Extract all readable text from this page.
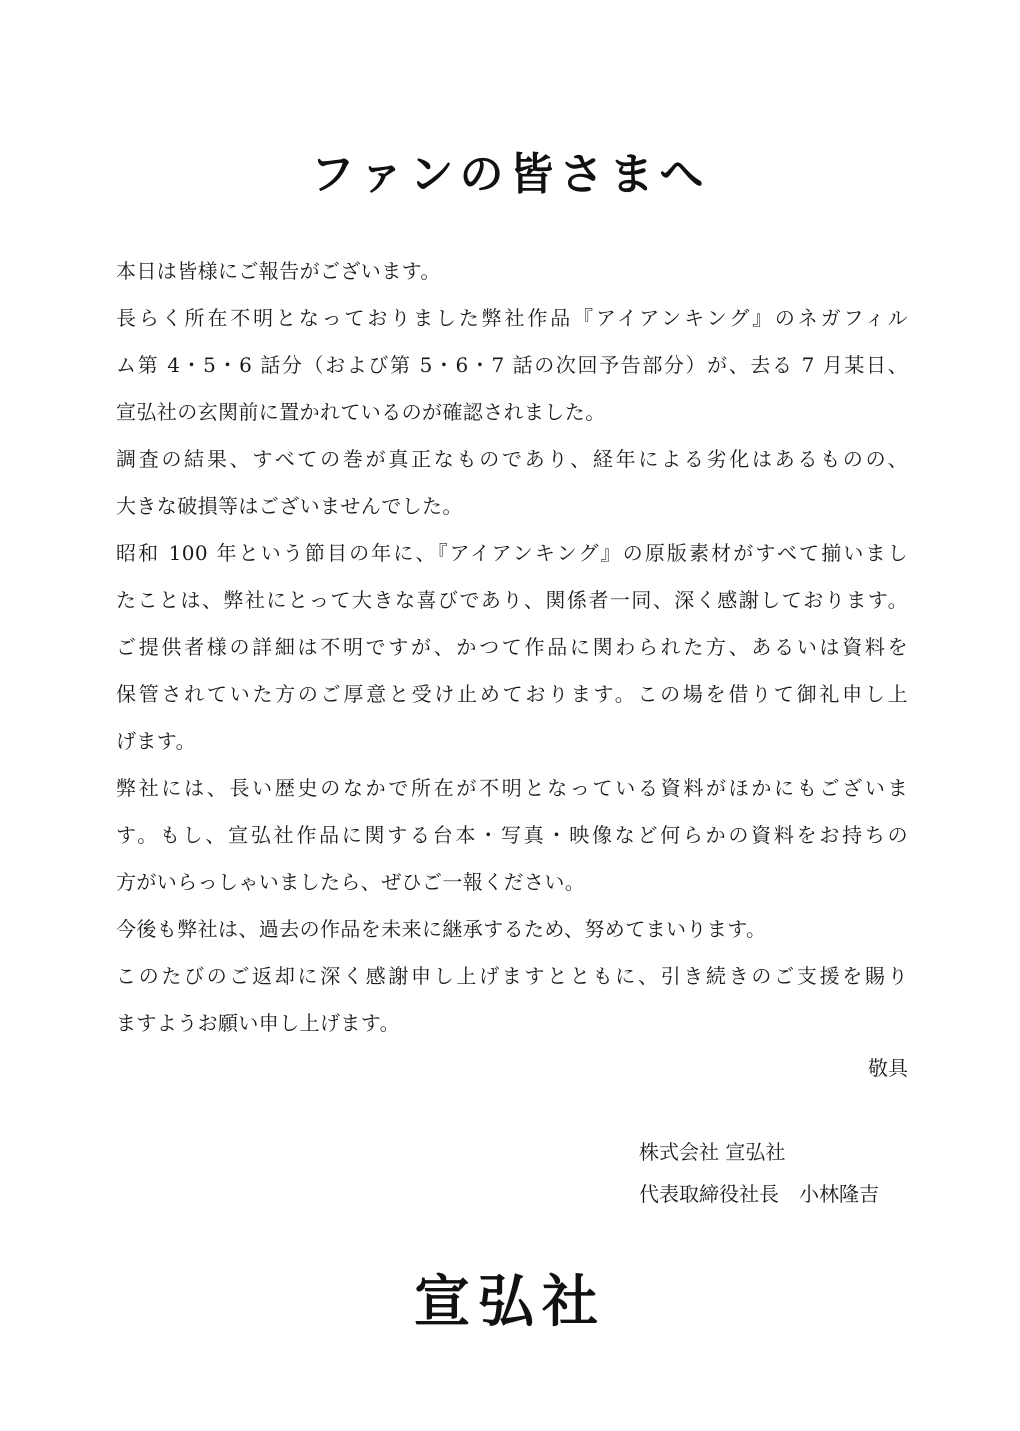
ファンの皆さまへ
本日は皆様にご報告がございます。
長らく所在不明となっておりました弊社作品『アイアンキング』のネガフィル
ム第 4・5・6 話分（および第 5・6・7 話の次回予告部分）が、去る 7 月某日、
宣弘社の玄関前に置かれているのが確認されました。
調査の結果、すべての巻が真正なものであり、経年による劣化はあるものの、
大きな破損等はございませんでした。
昭和 100 年という節目の年に、『アイアンキング』の原版素材がすべて揃いまし
たことは、弊社にとって大きな喜びであり、関係者一同、深く感謝しております。
ご提供者様の詳細は不明ですが、かつて作品に関わられた方、あるいは資料を
保管されていた方のご厚意と受け止めております。この場を借りて御礼申し上
げます。
弊社には、長い歴史のなかで所在が不明となっている資料がほかにもございま
す。もし、宣弘社作品に関する台本・写真・映像など何らかの資料をお持ちの
方がいらっしゃいましたら、ぜひご一報ください。
今後も弊社は、過去の作品を未来に継承するため、努めてまいります。
このたびのご返却に深く感謝申し上げますとともに、引き続きのご支援を賜り
ますようお願い申し上げます。

敬具

株式会社 宣弘社
代表取締役社長　小林隆吉
宣弘社
